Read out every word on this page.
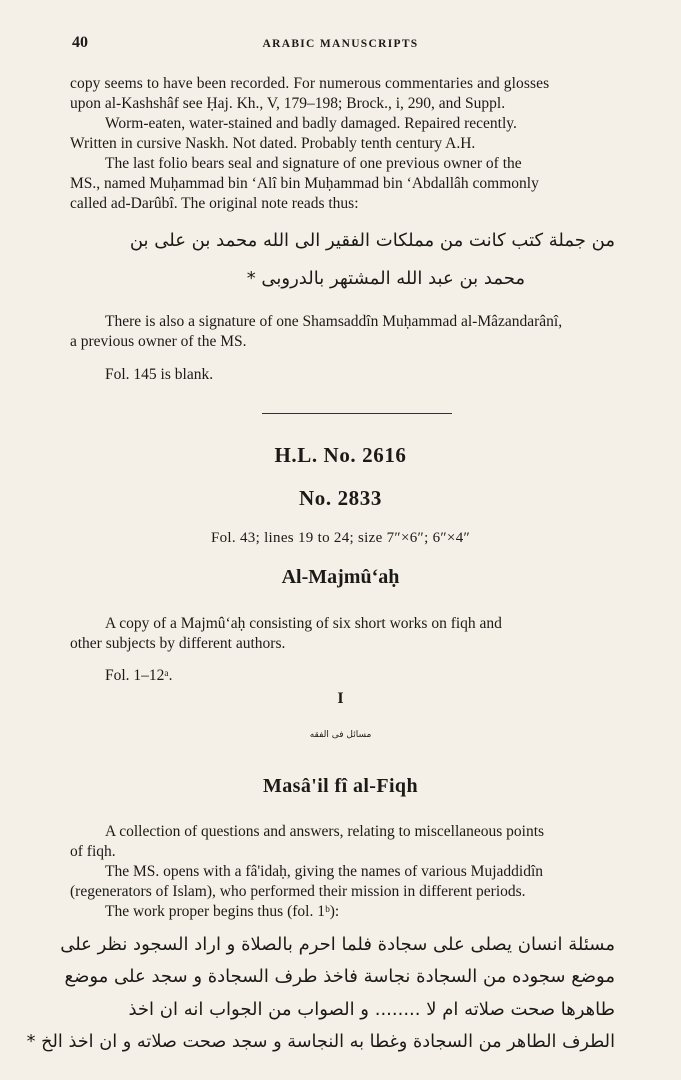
40	ARABIC MANUSCRIPTS
copy seems to have been recorded. For numerous commentaries and glosses
upon al-Kashshâf see Ḥaj. Kh., V, 179–198; Brock., i, 290, and Suppl.
Worm-eaten, water-stained and badly damaged. Repaired recently.
Written in cursive Naskh. Not dated. Probably tenth century A.H.
The last folio bears seal and signature of one previous owner of the
MS., named Muḥammad bin ‘Alî bin Muḥammad bin ‘Abdallâh commonly
called ad-Darûbî. The original note reads thus:
من جملة كتب كانت من مملكات الفقير الى الله محمد بن على بن
محمد بن عبد الله المشتهر بالدروبى *
There is also a signature of one Shamsaddîn Muḥammad al-Mâzandarânî,
a previous owner of the MS.
Fol. 145 is blank.
H.L. No. 2616
No. 2833
Fol. 43; lines 19 to 24; size 7″×6″; 6″×4″
Al-Majmû‘aḥ
A copy of a Majmû‘aḥ consisting of six short works on fiqh and
other subjects by different authors.
Fol. 1–12ᵃ.
I
مسائل فى الفقه
Masâ'il fî al-Fiqh
A collection of questions and answers, relating to miscellaneous points
of fiqh.
The MS. opens with a fâ'idaḥ, giving the names of various Mujaddidîn
(regenerators of Islam), who performed their mission in different periods.
The work proper begins thus (fol. 1ᵇ):
مسئلة انسان يصلى على سجادة فلما احرم بالصلاة و اراد السجود نظر على
موضع سجوده من السجادة نجاسة فاخذ طرف السجادة و سجد على موضع
طاهرها صحت صلاته ام لا ........ و الصواب من الجواب انه ان اخذ
الطرف الطاهر من السجادة وغطا به النجاسة و سجد صحت صلاته و ان اخذ الخ *
